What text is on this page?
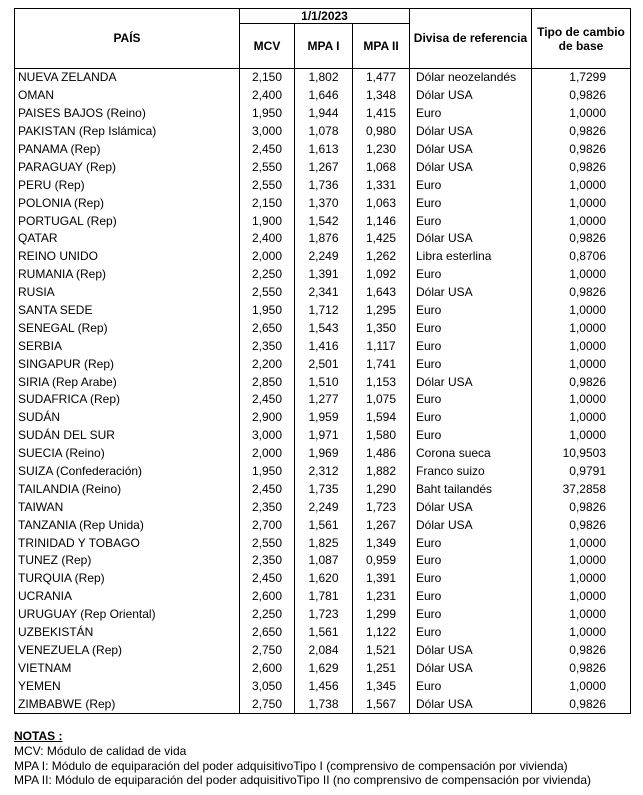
PAÍS	1/1/2023			Divisa de referencia	Tipo de cambio de base
	MCV	MPA I	MPA II		
NUEVA ZELANDA	2,150	1,802	1,477	Dólar neozelandés	1,7299
OMAN	2,400	1,646	1,348	Dólar USA	0,9826
PAISES BAJOS (Reino)	1,950	1,944	1,415	Euro	1,0000
PAKISTAN (Rep Islámica)	3,000	1,078	0,980	Dólar USA	0,9826
PANAMA (Rep)	2,450	1,613	1,230	Dólar USA	0,9826
PARAGUAY (Rep)	2,550	1,267	1,068	Dólar USA	0,9826
PERU (Rep)	2,550	1,736	1,331	Euro	1,0000
POLONIA (Rep)	2,150	1,370	1,063	Euro	1,0000
PORTUGAL (Rep)	1,900	1,542	1,146	Euro	1,0000
QATAR	2,400	1,876	1,425	Dólar USA	0,9826
REINO UNIDO	2,000	2,249	1,262	Libra esterlina	0,8706
RUMANIA (Rep)	2,250	1,391	1,092	Euro	1,0000
RUSIA	2,550	2,341	1,643	Dólar USA	0,9826
SANTA SEDE	1,950	1,712	1,295	Euro	1,0000
SENEGAL (Rep)	2,650	1,543	1,350	Euro	1,0000
SERBIA	2,350	1,416	1,117	Euro	1,0000
SINGAPUR (Rep)	2,200	2,501	1,741	Euro	1,0000
SIRIA (Rep Arabe)	2,850	1,510	1,153	Dólar USA	0,9826
SUDAFRICA (Rep)	2,450	1,277	1,075	Euro	1,0000
SUDÁN	2,900	1,959	1,594	Euro	1,0000
SUDÁN DEL SUR	3,000	1,971	1,580	Euro	1,0000
SUECIA (Reino)	2,000	1,969	1,486	Corona sueca	10,9503
SUIZA (Confederación)	1,950	2,312	1,882	Franco suizo	0,9791
TAILANDIA (Reino)	2,450	1,735	1,290	Baht tailandés	37,2858
TAIWAN	2,350	2,249	1,723	Dólar USA	0,9826
TANZANIA (Rep Unida)	2,700	1,561	1,267	Dólar USA	0,9826
TRINIDAD Y TOBAGO	2,550	1,825	1,349	Euro	1,0000
TUNEZ (Rep)	2,350	1,087	0,959	Euro	1,0000
TURQUIA (Rep)	2,450	1,620	1,391	Euro	1,0000
UCRANIA	2,600	1,781	1,231	Euro	1,0000
URUGUAY (Rep Oriental)	2,250	1,723	1,299	Euro	1,0000
UZBEKISTÁN	2,650	1,561	1,122	Euro	1,0000
VENEZUELA (Rep)	2,750	2,084	1,521	Dólar USA	0,9826
VIETNAM	2,600	1,629	1,251	Dólar USA	0,9826
YEMEN	3,050	1,456	1,345	Euro	1,0000
ZIMBABWE (Rep)	2,750	1,738	1,567	Dólar USA	0,9826
NOTAS :
MCV: Módulo de calidad de vida
MPA I: Módulo de equiparación del poder adquisitivoTipo I (comprensivo de compensación por vivienda)
MPA II: Módulo de equiparación del poder adquisitivoTipo II (no comprensivo de compensación por vivienda)
